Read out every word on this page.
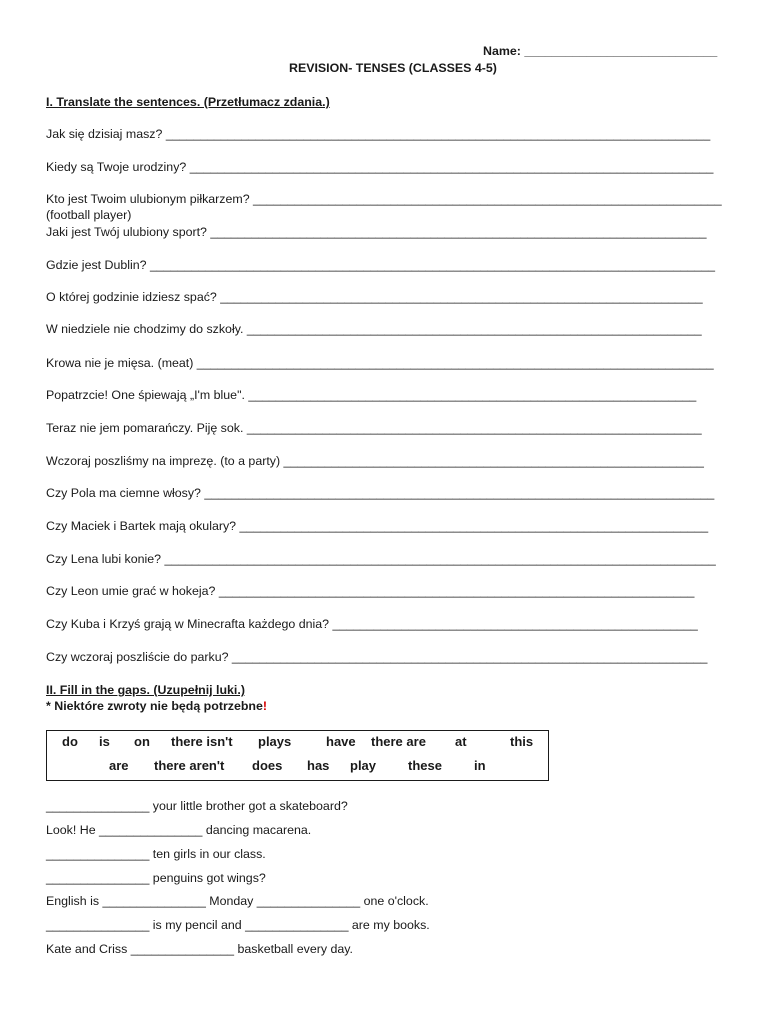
Name: ____________________________
REVISION- TENSES (CLASSES 4-5)
I. Translate the sentences. (Przetłumacz zdania.)
Jak się dzisiaj masz? _______________________________________________________________________________
Kiedy są Twoje urodziny? ____________________________________________________________________________
Kto jest Twoim ulubionym piłkarzem? ____________________________________________________________________
(football player)
Jaki jest Twój ulubiony sport? ________________________________________________________________________
Gdzie jest Dublin? __________________________________________________________________________________
O której godzinie idziesz spać? ______________________________________________________________________
W niedziele nie chodzimy do szkoły. __________________________________________________________________
Krowa nie je mięsa. (meat) ___________________________________________________________________________
Popatrzcie! One śpiewają „I'm blue". _________________________________________________________________
Teraz nie jem pomarańczy. Piję sok. __________________________________________________________________
Wczoraj poszliśmy na imprezę. (to a party) _____________________________________________________________
Czy Pola ma ciemne włosy? __________________________________________________________________________
Czy Maciek i Bartek mają okulary? ____________________________________________________________________
Czy Lena lubi konie? ________________________________________________________________________________
Czy Leon umie grać w hokeja? _____________________________________________________________________
Czy Kuba i Krzyś grają w Minecrafta każdego dnia? _____________________________________________________
Czy wczoraj poszliście do parku? _____________________________________________________________________
II. Fill in the gaps. (Uzupełnij luki.)
* Niektóre zwroty nie będą potrzebne!
do is on there isn't plays	have there are at	this
are there aren't does has play these in
_______________ your little brother got a skateboard?
Look! He _______________ dancing macarena.
_______________ ten girls in our class.
_______________ penguins got wings?
English is _______________ Monday _______________ one o'clock.
_______________ is my pencil and _______________ are my books.
Kate and Criss _______________ basketball every day.
